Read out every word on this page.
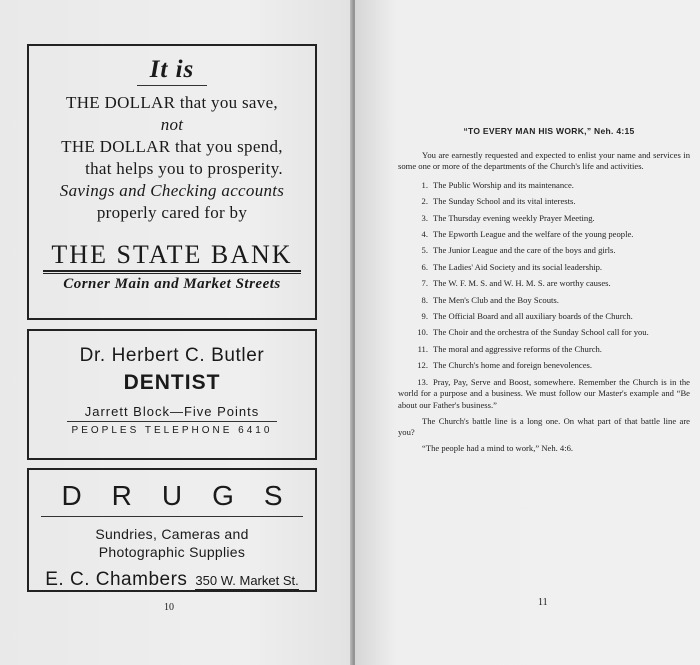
It is
THE DOLLAR that you save,
not
THE DOLLAR that you spend,
that helps you to prosperity.
Savings and Checking accounts
properly cared for by
THE STATE BANK
Corner Main and Market Streets
Dr. Herbert C. Butler
DENTIST
Jarrett Block—Five Points
PEOPLES TELEPHONE 6410
DRUGS
Sundries, Cameras and
Photographic Supplies
E. C. Chambers 350 W. Market St.
10
“TO EVERY MAN HIS WORK,” Neh. 4:15

You are earnestly requested and expected to enlist your name and services in some one or more of the departments of the Church's life and activities.

1. The Public Worship and its maintenance.

2. The Sunday School and its vital interests.

3. The Thursday evening weekly Prayer Meeting.

4. The Epworth League and the welfare of the young people.

5. The Junior League and the care of the boys and girls.

6. The Ladies' Aid Society and its social leadership.

7. The W. F. M. S. and W. H. M. S. are worthy causes.

8. The Men's Club and the Boy Scouts.

9. The Official Board and all auxiliary boards of the Church.

10. The Choir and the orchestra of the Sunday School call for you.

11. The moral and aggressive reforms of the Church.

12. The Church's home and foreign benevolences.

13. Pray, Pay, Serve and Boost, somewhere. Remember the Church is in the world for a purpose and a business. We must follow our Master's example and “Be about our Father's business.”

The Church's battle line is a long one. On what part of that battle line are you?

“The people had a mind to work,” Neh. 4:6.

11
